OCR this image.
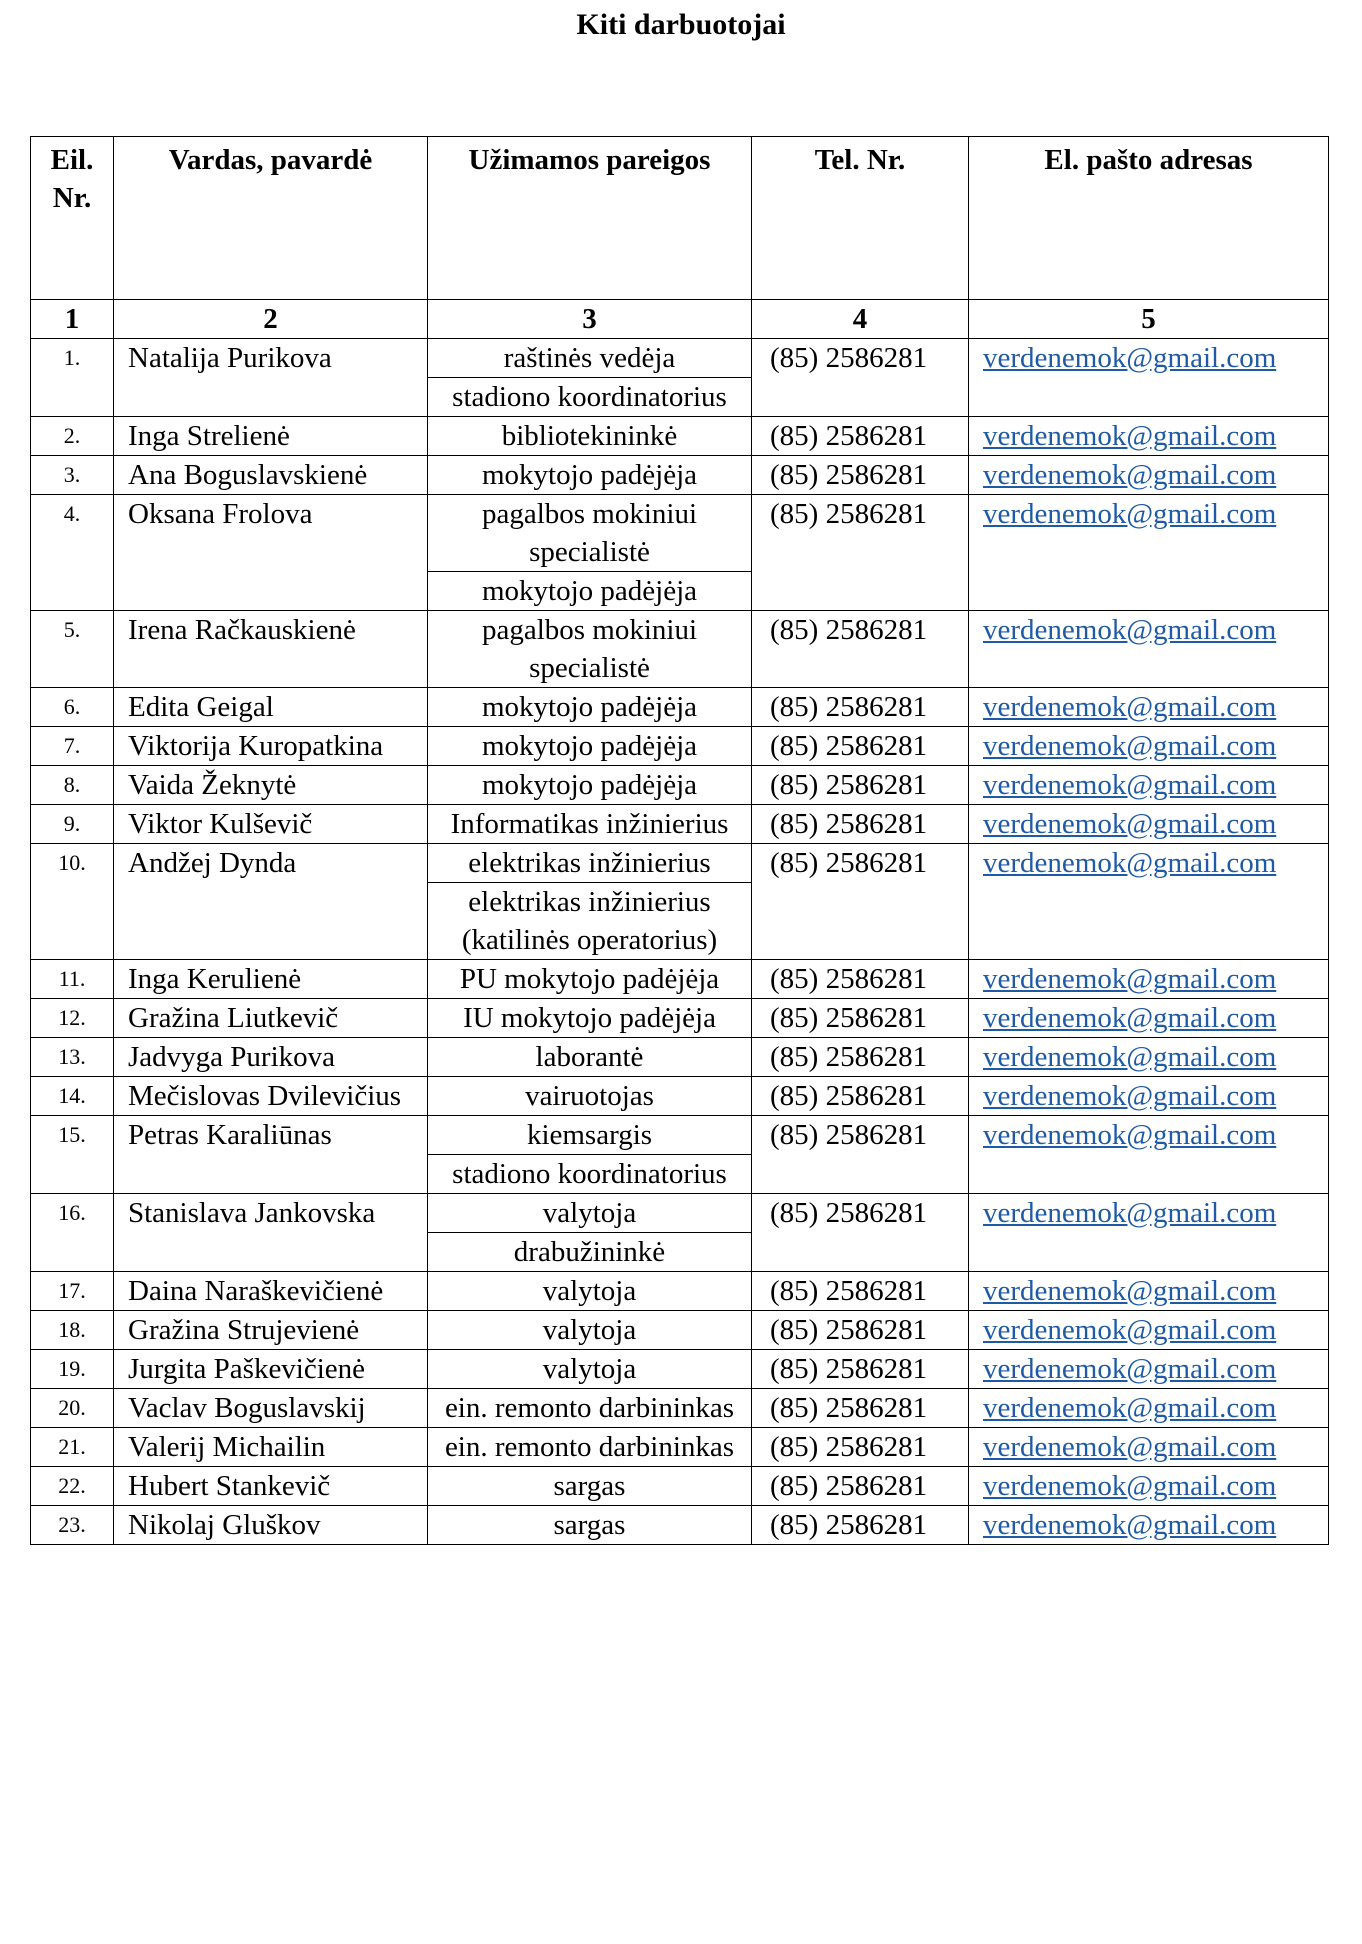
Kiti darbuotojai
Eil. Nr.	Vardas, pavardė	Užimamos pareigos	Tel. Nr.	El. pašto adresas
1	2	3	4	5
1.	Natalija Purikova	raštinės vedėja	(85) 2586281	verdenemok@gmail.com
		stadiono koordinatorius		
2.	Inga Strelienė	bibliotekininkė	(85) 2586281	verdenemok@gmail.com
3.	Ana Boguslavskienė	mokytojo padėjėja	(85) 2586281	verdenemok@gmail.com
4.	Oksana Frolova	pagalbos mokiniui specialistė	(85) 2586281	verdenemok@gmail.com
		mokytojo padėjėja		
5.	Irena Račkauskienė	pagalbos mokiniui specialistė	(85) 2586281	verdenemok@gmail.com
6.	Edita Geigal	mokytojo padėjėja	(85) 2586281	verdenemok@gmail.com
7.	Viktorija Kuropatkina	mokytojo padėjėja	(85) 2586281	verdenemok@gmail.com
8.	Vaida Žeknytė	mokytojo padėjėja	(85) 2586281	verdenemok@gmail.com
9.	Viktor Kulševič	Informatikas inžinierius	(85) 2586281	verdenemok@gmail.com
10.	Andžej Dynda	elektrikas inžinierius	(85) 2586281	verdenemok@gmail.com
		elektrikas inžinierius (katilinės operatorius)		
11.	Inga Kerulienė	PU mokytojo padėjėja	(85) 2586281	verdenemok@gmail.com
12.	Gražina Liutkevič	IU mokytojo padėjėja	(85) 2586281	verdenemok@gmail.com
13.	Jadvyga Purikova	laborantė	(85) 2586281	verdenemok@gmail.com
14.	Mečislovas Dvilevičius	vairuotojas	(85) 2586281	verdenemok@gmail.com
15.	Petras Karaliūnas	kiemsargis	(85) 2586281	verdenemok@gmail.com
		stadiono koordinatorius		
16.	Stanislava Jankovska	valytoja	(85) 2586281	verdenemok@gmail.com
		drabužininkė		
17.	Daina Naraškevičienė	valytoja	(85) 2586281	verdenemok@gmail.com
18.	Gražina Strujevienė	valytoja	(85) 2586281	verdenemok@gmail.com
19.	Jurgita Paškevičienė	valytoja	(85) 2586281	verdenemok@gmail.com
20.	Vaclav Boguslavskij	ein. remonto darbininkas	(85) 2586281	verdenemok@gmail.com
21.	Valerij Michailin	ein. remonto darbininkas	(85) 2586281	verdenemok@gmail.com
22.	Hubert Stankevič	sargas	(85) 2586281	verdenemok@gmail.com
23.	Nikolaj Gluškov	sargas	(85) 2586281	verdenemok@gmail.com
